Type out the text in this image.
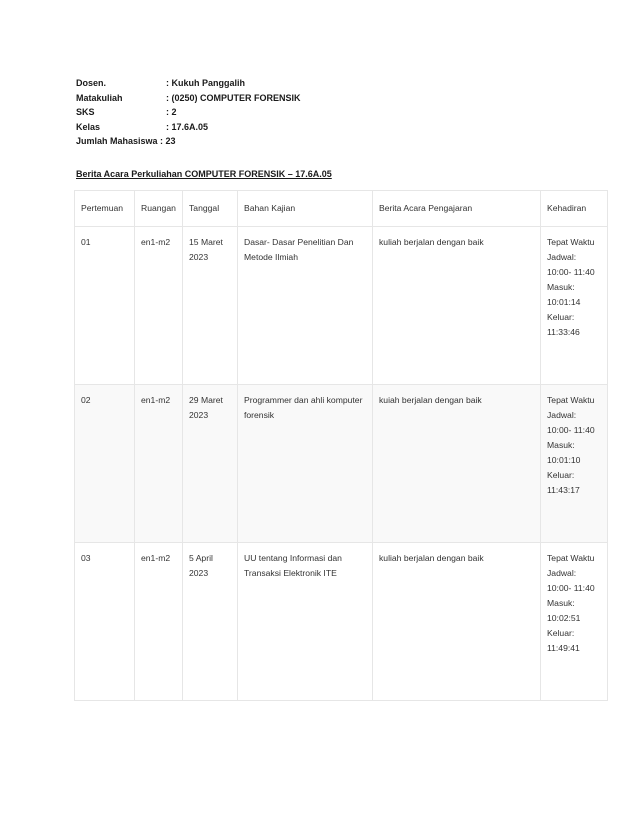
Dosen.	: Kukuh Panggalih
Matakuliah	: (0250) COMPUTER FORENSIK
SKS	: 2
Kelas	: 17.6A.05
Jumlah Mahasiswa : 23
Berita Acara Perkuliahan COMPUTER FORENSIK – 17.6A.05
Pertemuan	Ruangan	Tanggal	Bahan Kajian	Berita Acara Pengajaran	Kehadiran
01	en1-m2	15 Maret 2023	Dasar- Dasar Penelitian Dan Metode Ilmiah	kuliah berjalan dengan baik	Tepat Waktu
Jadwal: 10:00- 11:40
Masuk: 10:01:14
Keluar: 11:33:46

02	en1-m2	29 Maret 2023	Programmer dan ahli komputer forensik	kuiah berjalan dengan baik	Tepat Waktu
Jadwal: 10:00- 11:40
Masuk: 10:01:10
Keluar: 11:43:17

03	en1-m2	5 April 2023	UU tentang Informasi dan Transaksi Elektronik ITE	kuliah berjalan dengan baik	Tepat Waktu
Jadwal: 10:00- 11:40
Masuk: 10:02:51
Keluar: 11:49:41
